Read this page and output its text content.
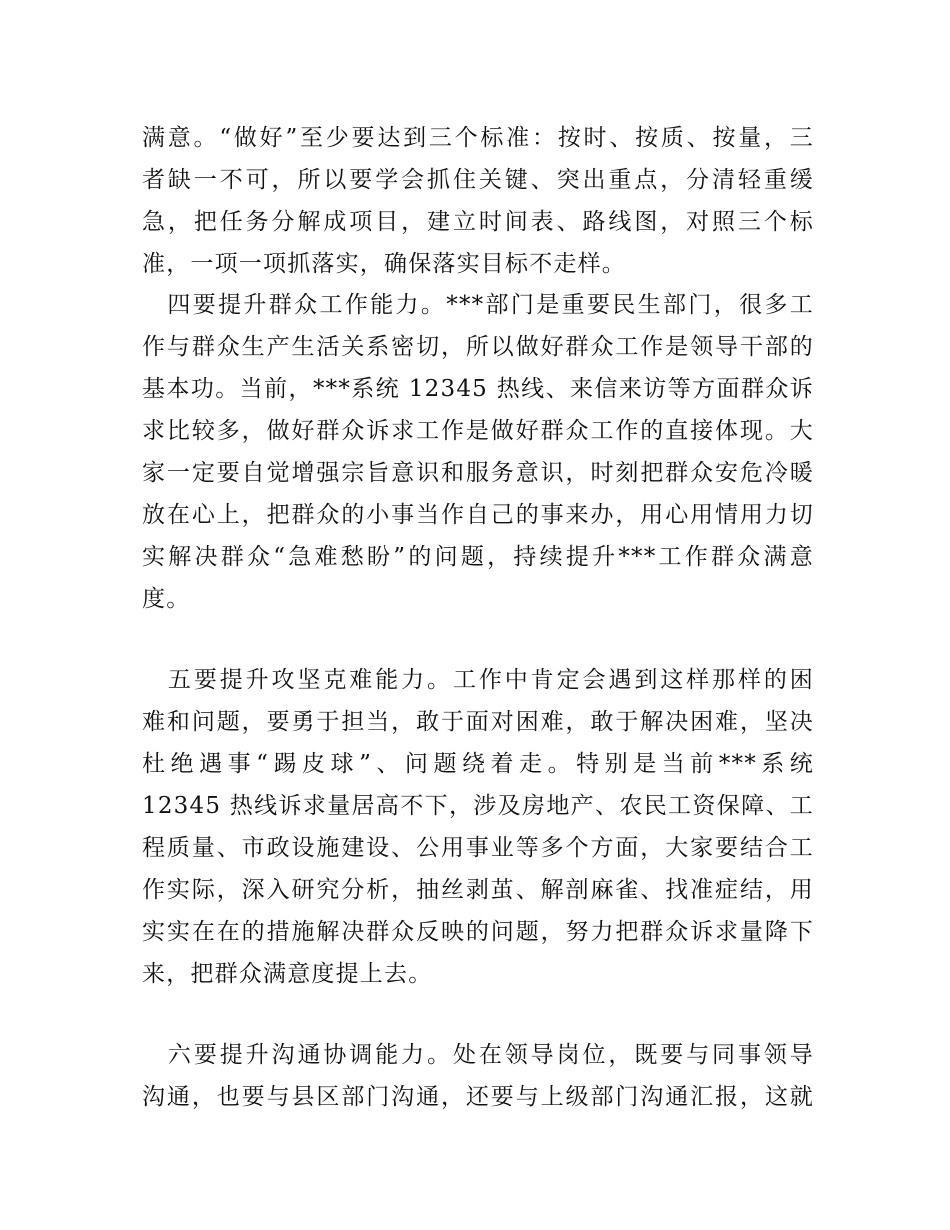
满意。“做好”至少要达到三个标准：按时、按质、按量，三
者缺一不可，所以要学会抓住关键、突出重点，分清轻重缓
急，把任务分解成项目，建立时间表、路线图，对照三个标
准，一项一项抓落实，确保落实目标不走样。
　四要提升群众工作能力。***部门是重要民生部门，很多工
作与群众生产生活关系密切，所以做好群众工作是领导干部的
基本功。当前，***系统 12345 热线、来信来访等方面群众诉
求比较多，做好群众诉求工作是做好群众工作的直接体现。大
家一定要自觉增强宗旨意识和服务意识，时刻把群众安危冷暖
放在心上，把群众的小事当作自己的事来办，用心用情用力切
实解决群众“急难愁盼”的问题，持续提升***工作群众满意
度。
　五要提升攻坚克难能力。工作中肯定会遇到这样那样的困
难和问题，要勇于担当，敢于面对困难，敢于解决困难，坚决
杜绝遇事“踢皮球”、问题绕着走。特别是当前***系统
12345 热线诉求量居高不下，涉及房地产、农民工资保障、工
程质量、市政设施建设、公用事业等多个方面，大家要结合工
作实际，深入研究分析，抽丝剥茧、解剖麻雀、找准症结，用
实实在在的措施解决群众反映的问题，努力把群众诉求量降下
来，把群众满意度提上去。
　六要提升沟通协调能力。处在领导岗位，既要与同事领导
沟通，也要与县区部门沟通，还要与上级部门沟通汇报，这就
